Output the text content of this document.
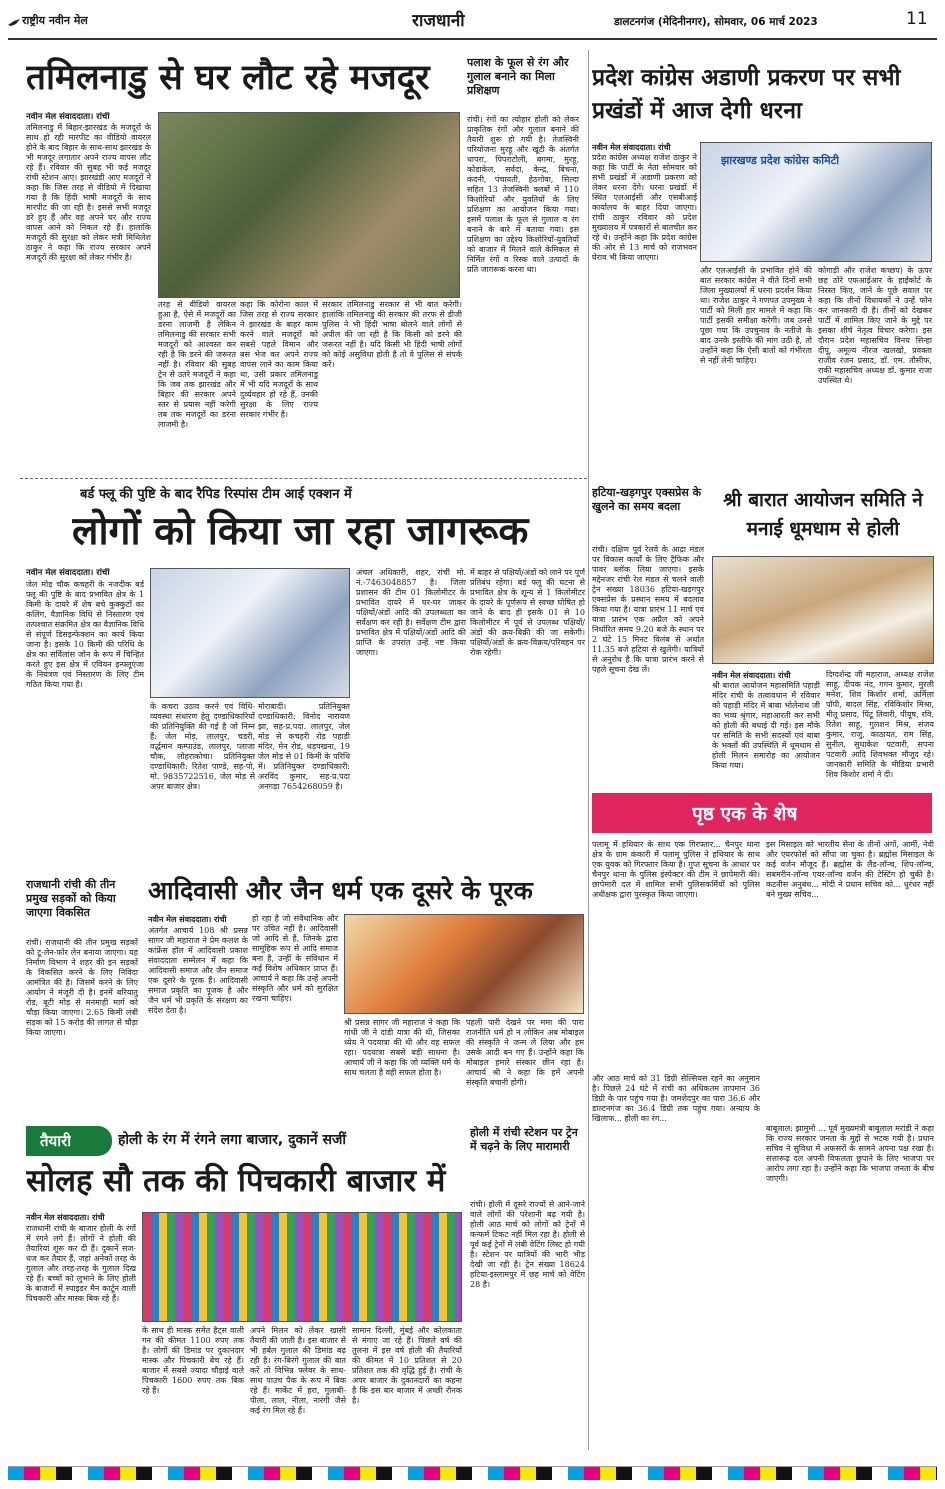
राष्ट्रीय नवीन मेल	राजधानी	डालटनगंज (मेदिनीनगर), सोमवार, 06 मार्च 2023	11
तमिलनाडु से घर लौट रहे मजदूर
नवीन मेल संवाददाता। रांची
तमिलनाडु में बिहार-झारखंड के मजदूरों के साथ हो रही मारपीट का वीडियो वायरल होने के बाद बिहार के साथ-साथ झारखंड के भी मजदूर लगातार अपने राज्य वापस लौट रहे हैं। रविवार की सुबह भी कई मजदूर रांची स्टेशन आए। झारखंडी आए मजदूरों ने कहा कि जिस तरह से वीडियो में दिखाया गया है कि हिंदी भाषी मजदूरों के साथ मारपीट की जा रही है। इससे सभी मजदूर डरे हुए हैं और वह अपने घर और राज्य वापस आने को निकल रहे हैं। हालांकि मजदूरों की सुरक्षा को लेकर मंत्री मिथिलेश ठाकुर ने कहा कि राज्य सरकार अपने मजदूरों की सुरक्षा को लेकर गंभीर है।
तरह से वीडियो वायरल हुआ है, ऐसे में मजदूरों का डरना लाजमी है लेकिन तमिलनाडु की सरकार सभी मजदूरों को आश्वस्त कर रही है कि डरने की जरूरत नहीं है। रविवार की सुबह ट्रेन से उतरे मजदूरों ने कहा कि जब तक झारखंड और बिहार की सरकार अपने स्तर से प्रयास नहीं करेगी तब तक मजदूरों का डरना लाजमी है।
कहा कि कोरोना काल में जिस तरह से राज्य सरकार ने झारखंड के बाहर काम करने वाले मजदूरों को सबसे पहले विमान और बस भेज कर अपने राज्य वापस लाने का काम किया था, उसी प्रकार तमिलनाडु में भी यदि मजदूरों के साथ दुर्व्यवहार हो रहे हैं, उनकी सुरक्षा के लिए राज्य सरकार गंभीर है।
सरकार तमिलनाडु सरकार से भी बात करेगी। हालांकि तमिलनाडु की सरकार की तरफ से डीजी पुलिस ने भी हिंदी भाषा बोलने वाले लोगों से अपील की जा रही है कि किसी को डरने की जरूरत नहीं है। यदि किसी भी हिंदी भाषी लोगों को कोई असुविधा होती है तो वे पुलिस से संपर्क करें।
पलाश के फूल से रंग और गुलाल बनाने का मिला प्रशिक्षण
रांची। रंगों का त्योहार होली को लेकर प्राकृतिक रंगों और गुलाल बनाने की तैयारी शुरू हो गयी है। तेजस्विनी परियोजना मुरहू और खूंटी के अंतर्गत धापरा, पिपराटोली, बगमा, मुरहू, कोडाकेल, सर्वदा, केन्द्र, बिचना, कंदनी, पंचायती, हेठगोवा, सिल्दा सहित 13 तेजस्विनी क्लबों में 110 किशोरियों और युवतियों के लिए प्रशिक्षण का आयोजन किया गया। इसमें पलाश के फूल से गुलाल व रंग बनाने के बारे में बताया गया। इस प्रशिक्षण का उद्देश्य किशोरियों-युवतियों को बाजार में मिलने वाले केमिकल से निर्मित रंगों व रिस्क वाले उत्पादों के प्रति जागरूक करना था।
प्रदेश कांग्रेस अडाणी प्रकरण पर सभी प्रखंडों में आज देगी धरना
नवीन मेल संवाददाता। रांची
प्रदेश कांग्रेस अध्यक्ष राजेश ठाकुर ने कहा कि पार्टी के नेता सोमवार को सभी प्रखंडों में अडाणी प्रकरण को लेकर धरना देंगे। धरना प्रखंडों में स्थित एलआईसी और एसबीआई कार्यालय के बाहर दिया जाएगा। रांची ठाकुर रविवार को प्रदेश मुख्यालय में पत्रकारों से बातचीत कर रहे थे। उन्होंने कहा कि प्रदेश कांग्रेस की ओर से 13 मार्च को राजभवन घेराव भी किया जाएगा।
झारखण्ड प्रदेश कांग्रेस कमिटी
और एलआईसी के प्रभावित होने की बात सरकार कांग्रेस ने वीते दिनों सभी जिला मुख्यालयों में धरना प्रदर्शन किया था। राजेश ठाकुर ने गणपत उपमुख्य ने पार्टी को मिली हार मामले में कहा कि पार्टी इसकी समीक्षा करेगी। जब उनसे पूछा गया कि उपचुनाव के नतीजे के बाद उनके इस्तीफे की मांग उठी है, तो उन्होंने कहा कि ऐसी बातों को गंभीरता से नहीं लेनी चाहिए।
कोगाड़ी और राजेश कच्छप) के ऊपर छह ठोरे एफआईआर के हाईकोर्ट के निरस्त किए, जाने के पूछे सवाल पर कहा कि तीनों विधायकों ने उन्हें फोन कर जानकारी दी है। तीनों को देखकर पार्टी में शामिल किए जाने के मुद्दे पर इसका शीर्ष नेतृत्व विचार करेगा। इस दौरान प्रदेश महासचिव विनय सिन्हा दीपू, अमूल्य नीरज खलखो, प्रवक्ता राजीव रंजन प्रसाद, डॉ. एम. तौसीफ, राकी महासचिव अध्यक्ष डॉ. कुमार राजा उपस्थित थे।
बर्ड फ्लू की पुष्टि के बाद रैपिड रिस्पांस टीम आई एक्शन में
लोगों को किया जा रहा जागरूक
नवीन मेल संवाददाता। रांची
जेल मोड़ चौक कचहरी के नजदीक बर्ड फ्लू की पुष्टि के बाद प्रभावित क्षेत्र के 1 किमी के दायरे में शेष बचे कुक्कुटों का कलिंग, वैज्ञानिक विधि से निस्तारण एवं तत्पश्चात संक्रमित क्षेत्र का वैज्ञानिक विधि से संपूर्ण डिसइन्फेक्शन का कार्य किया जाना है। इसके 10 किमी की परिधि के क्षेत्र का सर्विलांस जोन के रूप में चिन्हित करते हुए इस क्षेत्र में एवियन इन्फ्लूएंजा के नियंत्रण एवं निस्तारण के लिए टीम गठित किया गया है।
के कचरा उठाव करने एवं विधि-व्यवस्था संधारण हेतु दण्डाधिकारियों की प्रतिनियुक्ति की गई है जो निम्न हैं: जेल मोड़, लालपुर, चडरी, वर्द्धमान कम्पाउंड, लालपुर, प्लाजा चौक, लोहराकोचा। प्रतिनियुक्त दण्डाधिकारी: रितेश पाण्डे, सह-पो, मो. 9835722516, जेल मोड़ से अपर बाजार क्षेत्र।
मोराबादी। प्रतिनियुक्त दण्डाधिकारी: विनोद नारायण झा, सह-प्र.पदा. लालपुर, जेल मोड़ से कचहरी रोड पहाड़ी मंदिर, मेन रोड, थड़पखना, 19 जेल मोड़ से 01 किमी के परिधि में। प्रतिनियुक्त दण्डाधिकारी: अरविंद कुमार, सह-प्र.पदा अनगड़ा 7654268059 है।
अंचल अधिकारी, शहर, रांची मो. नं.-7463048857 है। जिला प्रशासन की टीम 01 किलोमीटर के प्रभावित दायरे में घर-घर जाकर पक्षियों/अंडों आदि की उपलब्धता का सर्वेक्षण कर रही है। सर्वेक्षण टीम द्वारा प्रभावित क्षेत्र में पक्षियों/अंडों आदि की प्राप्ति के उपरांत उन्हें नष्ट किया जाएगा।
में बाहर से पक्षियों/अंडों को लाने पर पूर्ण प्रतिबंध रहेगा। बर्ड फ्लू की घटना से प्रभावित क्षेत्र के शून्य से 1 किलोमीटर के दायरे के पूर्णरूप से स्वच्छ घोषित हो जाने के बाद ही इसके 01 से 10 किलोमीटर में पूर्व से उपलब्ध पक्षियों/अंडों की क्रय-बिक्री की जा सकेगी। पक्षियों/अंडों के क्रय-विक्रय/परिवहन पर रोक रहेगी।
हटिया-खड़गपुर एक्सप्रेस के खुलने का समय बदला
रांची। दक्षिण पूर्व रेलवे के आद्रा मंडल पर विकास कार्यों के लिए ट्रैफिक और पावर ब्लॉक लिया जाएगा। इसके मद्देनजर रांची रेल मंडल से चलने वाली ट्रेन संख्या 18036 हटिया-खड़गपुर एक्सप्रेस के प्रस्थान समय में बदलाव किया गया है। यात्रा प्रारंभ 11 मार्च एवं यात्रा प्रारंभ एक अप्रैल को अपने निर्धारित समय 9.20 बजे के स्थान पर 2 घंटे 15 मिनट विलंब से अर्थात 11.35 बजे हटिया से खुलेगी। यात्रियों से अनुरोध है कि यात्रा प्रारंभ करने से पहले सूचना देख लें।
श्री बारात आयोजन समिति ने मनाई धूमधाम से होली
नवीन मेल संवाददाता। रांची
श्री बारात आयोजन महासमिति पहाड़ी मंदिर रांची के तत्वावधान में रविवार को पहाड़ी मंदिर में बाबा भोलेनाथ जी का भव्य श्रृंगार, महाआरती कर सभी को होली की बधाई दी गई। इस मौके पर समिति के सभी सदस्यों एवं बाबा के भक्तों की उपस्थिति में धूमधाम से होली मिलन समारोह का आयोजन किया गया।
दिग्दर्शन्द्र जी महाराज, अध्यक्ष राजेश साहू, दीपक नंद, गगन कुमार, मुरली मनेश, शिव किशोर शर्मा, ऊर्मिला पॉपी, बादल सिंह, रविकिशोर मिश्रा, मीतू प्रसाद, पिंटू तिवारी, पीयूष, रवि, रितेश साहू, गुलशन मिश्र, संजय कुमार, राजु, काठायत, राम सिंह, सुनील, सुधाकेश पटवारी, सपना पटवारी आदि शिवभक्त मौजूद रहे। जानकारी समिति के मीडिया प्रभारी शिव किशोर शर्मा ने दी।
राजधानी रांची की तीन प्रमुख सड़कों को किया जाएगा विकसित
रांची। राजधानी की तीन प्रमुख सड़कों को टू-लेन-फोर लेन बनाया जाएगा। यह निर्माण विभाग ने शहर की इन सड़कों के विकसित करने के लिए निविदा आमंत्रित की है। जिसमें करने के लिए आयोग ने मंजूरी दी है। इनमें बरियातु रोड, बूटी मोड़ से मनमाही मार्ग को चौड़ा किया जाएगा। 2.65 किमी लंबी सड़क को 15 करोड़ की लागत से चौड़ा किया जाएगा।
आदिवासी और जैन धर्म एक दूसरे के पूरक
नवीन मेल संवाददाता। रांची
अंतर्गत आचार्य 108 श्री प्रसन्न सागर जी महाराज ने प्रेम कलश के कांफ्रेंस हॉल में आदिवासी प्रकाश संवाददाता सम्मेलन में कहा कि आदिवासी समाज और जैन समाज एक दूसरे के पूरक हैं। आदिवासी समाज प्रकृति का पूजक है और जैन धर्म भी प्रकृति के संरक्षण का संदेश देता है।
हो रहा है जो संवैधानिक और पर उचित नहीं है। आदिवासी जो आदि से हैं, जिनके द्वारा सामूहिक रूप से आदि समाज बना है, उन्हीं के संविधान में कई विशेष अधिकार प्राप्त हैं। आचार्य ने कहा कि उन्हें अपनी संस्कृति और धर्म को सुरक्षित रखना चाहिए।
श्री प्रसन्न सागर जी महाराज ने कहा कि गांधी जी ने दांडी यात्रा की थी, जिसका ध्येय ने पदयात्रा की थी और वह सफल रहा। पदयात्रा सबसे बड़ी साधना है। आचार्य जी ने कहा कि जो व्यक्ति धर्म के साथ चलता है वही सफल होता है।
पहली पारी देखने पर ममा की पारा राजनीति धर्म हो न लोकिन अब मोबाइल की संस्कृति ने जन्म ले लिया और हम उसके आदी बन गए हैं। उन्होंने कहा कि मोबाइल हमारे संस्कार छीन रहा है। आचार्य श्री ने कहा कि हमें अपनी संस्कृति बचानी होगी।
पृष्ठ एक के शेष
पलामू में हथियार के साथ एक गिरफ्तार... चैनपुर थाना क्षेत्र के ग्राम कंकारी में पलामू पुलिस ने हथियार के साथ एक युवक को गिरफ्तार किया है। गुप्त सूचना के आधार पर चैनपुर थाना के पुलिस इंस्पेक्टर की टीम ने छापेमारी की। छापेमारी दल में शामिल सभी पुलिसकर्मियों को पुलिस अधीक्षक द्वारा पुरस्कृत किया जाएगा।
और आठ मार्च को 31 डिग्री सेल्सियस रहने का अनुमान है। पिछले 24 घंटे में रांची का अधिकतम तापमान 36 डिग्री के पार पहुंच गया है। जमशेदपुर का पारा 36.6 और डाल्टनगंज का 36.4 डिग्री तक पहुंच गया। अन्याय के खिलाफ... होली का रंग...
इस मिसाइल को भारतीय सेना के तीनों अंगों, आर्मी, नेवी और एयरफोर्स को सौंपा जा चुका है। ब्रह्मोस मिसाइल के कई वर्जन मौजूद हैं। ब्रह्मोस के लैंड-लॉन्च, शिप-लॉन्च, सबमरीन-लॉन्च एयर-लॉन्च वर्जन की टेस्टिंग हो चुकी है। कटनीस अनुबंध... मोदी ने प्रधान सचिव को... धुरंधर नहीं बने मुख्य सचिव...
बाबूलाल: झामुमो ... पूर्व मुख्यमंत्री बाबूलाल मरांडी ने कहा कि राज्य सरकार जनता के मुद्दों से भटक गयी है। प्रधान सचिव ने सुविधा में अफसरों के सामने अपना पक्ष रखा है। सत्तारूढ़ दल अपनी विफलता छुपाने के लिए भाजपा पर आरोप लगा रहा है। उन्होंने कहा कि भाजपा जनता के बीच जाएगी।
तैयारी	होली के रंग में रंगने लगा बाजार, दुकानें सजीं
सोलह सौ तक की पिचकारी बाजार में
नवीन मेल संवाददाता। रांची
राजधानी रांची के बाजार होली के रंगों में रंगने लगे हैं। लोगों ने होली की तैयारियां शुरू कर दी हैं। दुकानें सज-धज कर तैयार हैं, जहां अनेकों तरह के गुलाल और तरह-तरह के गुलाल दिख रहे हैं। बच्चों को लुभाने के लिए होली के बाजारों में स्पाइडर मैन कार्टून वाली पिचकारी और मास्क बिक रहे हैं।
के साथ ही मास्क समेत हैट्स वाली गन की कीमत 1100 रुपए तक है। लोगों की डिमांड पर दुकानदार मास्क और पिचकारी बेच रहे हैं। बाजार में सबसे ज्यादा चौड़ाई वाले पिचकारी 1600 रुपए तक बिक रहे हैं।
अपने मिलन को लेकर खासी तैयारी की जाती है। इस बाजार से भी हर्बल गुलाल की डिमांड बढ़ रही है। रंग-बिरंगे गुलाल की बात करें तो विभिन्न फ्लेवर के साथ-साथ पाउच पैक के रूप में बिक रहे हैं। मार्केट में हरा, गुलाबी-पीला, लाल, नीला, नारंगी जैसे कई रंग मिल रहे हैं।
सामान दिल्ली, मुंबई और कोलकाता से मंगाए जा रहे हैं। पिछले वर्ष की तुलना में इस वर्ष होली की तैयारियों की कीमत में 10 प्रतिशत से 20 प्रतिशत तक की वृद्धि हुई है। रांची के अपर बाजार के दुकानदारों का कहना है कि इस बार बाजार में अच्छी रौनक है।
होली में रांची स्टेशन पर ट्रेन में चढ़ने के लिए मारामारी
रांची। होली में दूसरे राज्यों से आने-जाने वाले लोगों की परेशानी बढ़ गयी है। होली आठ मार्च को लोगों को ट्रेनों में कन्फर्म टिकट नहीं मिल रहा है। होली से पूर्व कई ट्रेनों में लंबी वेटिंग लिस्ट हो गयी है। स्टेशन पर यात्रियों की भारी भीड़ देखी जा रही है। ट्रेन संख्या 18624 हटिया-इस्लामपुर में छह मार्च को वेटिंग 28 है।
